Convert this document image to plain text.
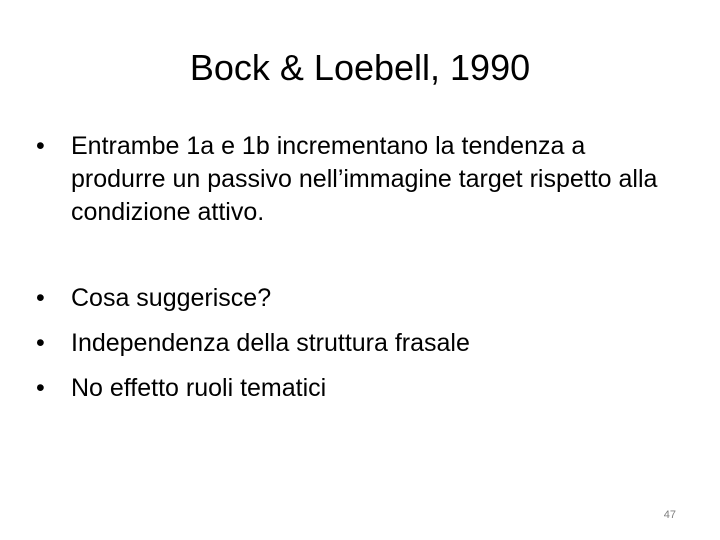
Bock & Loebell, 1990
•	Entrambe 1a e 1b incrementano la tendenza a produrre un passivo nell’immagine target rispetto alla condizione attivo.
•	Cosa suggerisce?
•	Independenza della struttura frasale
•	No effetto ruoli tematici
47
